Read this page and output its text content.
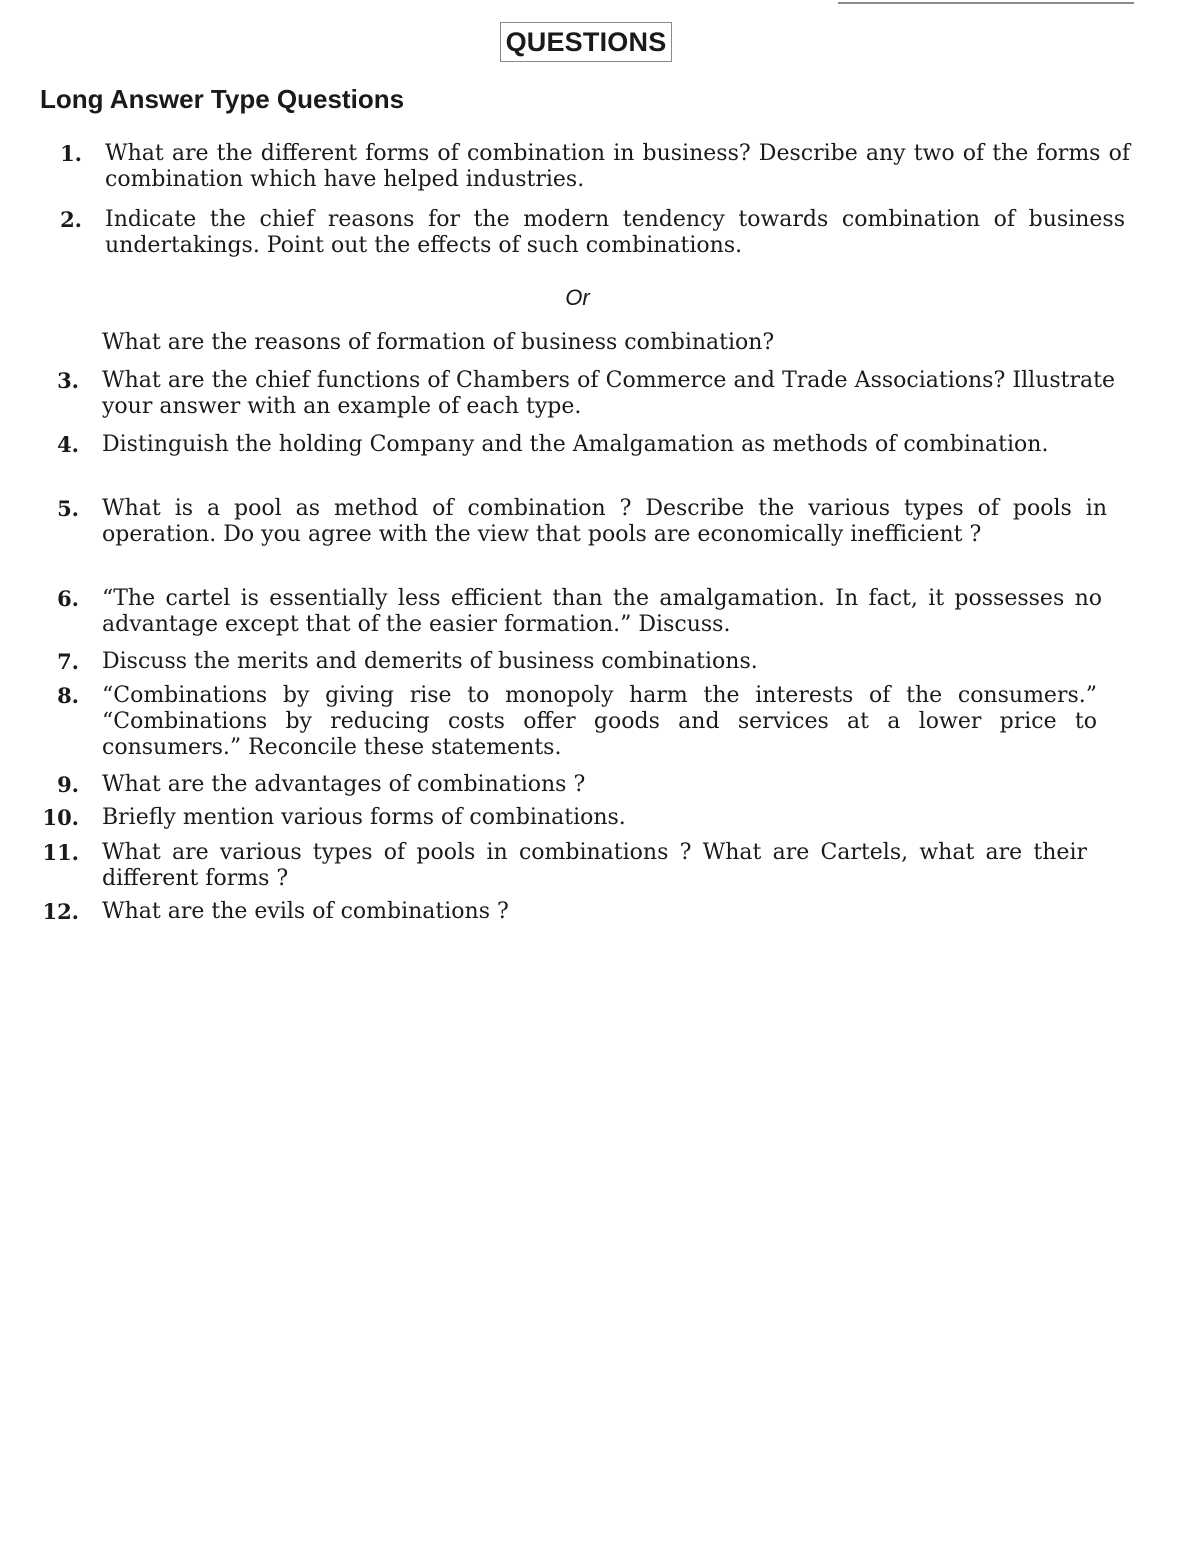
QUESTIONS
Long Answer Type Questions
1. What are the different forms of combination in business? Describe any two of the forms of combination which have helped industries.
2. Indicate the chief reasons for the modern tendency towards combination of business undertakings. Point out the effects of such combinations.
Or
What are the reasons of formation of business combination?
3. What are the chief functions of Chambers of Commerce and Trade Associations? Illustrate your answer with an example of each type.
4. Distinguish the holding Company and the Amalgamation as methods of combination.
5. What is a pool as method of combination ? Describe the various types of pools in operation. Do you agree with the view that pools are economically inefficient ?
6. “The cartel is essentially less efficient than the amalgamation. In fact, it possesses no advantage except that of the easier formation.” Discuss.
7. Discuss the merits and demerits of business combinations.
8. “Combinations by giving rise to monopoly harm the interests of the consumers.” “Combinations by reducing costs offer goods and services at a lower price to consumers.” Reconcile these statements.
9. What are the advantages of combinations ?
10. Briefly mention various forms of combinations.
11. What are various types of pools in combinations ? What are Cartels, what are their different forms ?
12. What are the evils of combinations ?
